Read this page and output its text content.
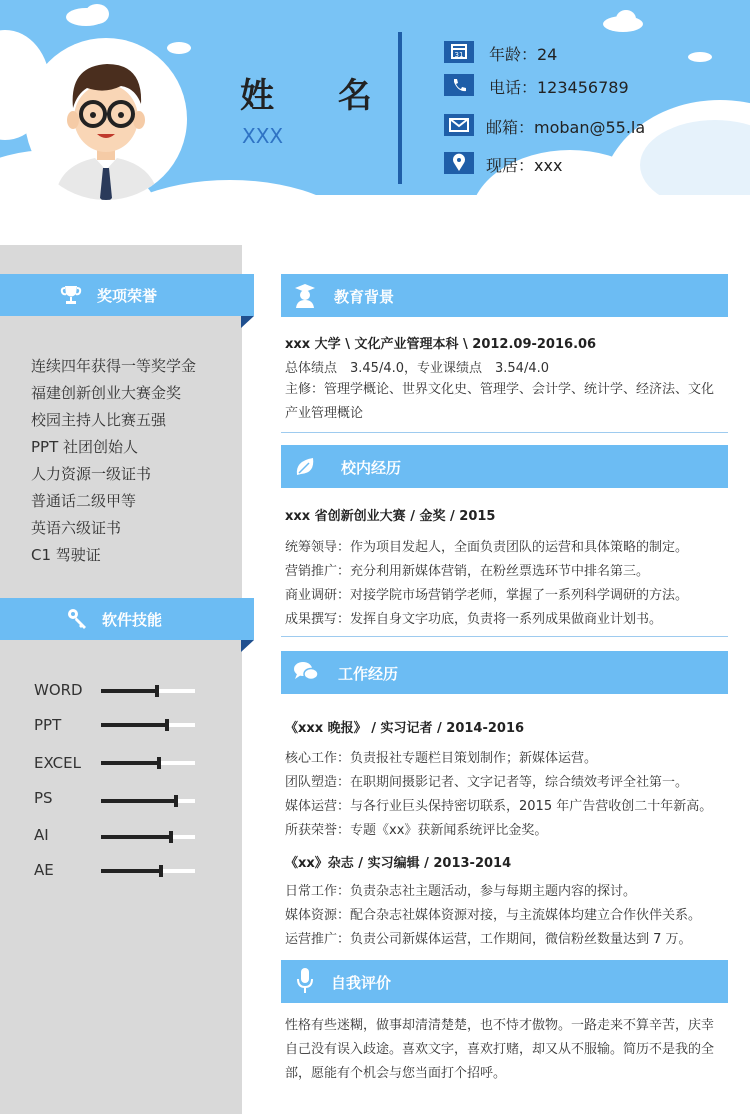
姓 名
XXX
31 年龄：24
电话：123456789
邮箱：moban@55.la
现居：xxx
奖项荣誉
连续四年获得一等奖学金
福建创新创业大赛金奖
校园主持人比赛五强
PPT 社团创始人
人力资源一级证书
普通话二级甲等
英语六级证书
C1 驾驶证
软件技能
WORD
PPT
EXCEL
PS
AI
AE
教育背景
xxx 大学 \ 文化产业管理本科 \ 2012.09-2016.06
总体绩点　3.45/4.0，专业课绩点　3.54/4.0
主修：管理学概论、世界文化史、管理学、会计学、统计学、经济法、文化产业管理概论
校内经历
xxx 省创新创业大赛 / 金奖 / 2015
统筹领导：作为项目发起人，全面负责团队的运营和具体策略的制定。
营销推广：充分利用新媒体营销，在粉丝票选环节中排名第三。
商业调研：对接学院市场营销学老师，掌握了一系列科学调研的方法。
成果撰写：发挥自身文字功底，负责将一系列成果做商业计划书。
工作经历
《xxx 晚报》 / 实习记者 / 2014-2016
核心工作：负责报社专题栏目策划制作；新媒体运营。
团队塑造：在职期间摄影记者、文字记者等，综合绩效考评全社第一。
媒体运营：与各行业巨头保持密切联系，2015 年广告营收创二十年新高。
所获荣誉：专题《xx》获新闻系统评比金奖。
《xx》杂志 / 实习编辑 / 2013-2014
日常工作：负责杂志社主题活动，参与每期主题内容的探讨。
媒体资源：配合杂志社媒体资源对接，与主流媒体均建立合作伙伴关系。
运营推广：负责公司新媒体运营，工作期间，微信粉丝数量达到 7 万。
自我评价
性格有些迷糊，做事却清清楚楚，也不恃才傲物。一路走来不算辛苦，庆幸自己没有误入歧途。喜欢文字，喜欢打赌，却又从不服输。简历不是我的全部，愿能有个机会与您当面打个招呼。
